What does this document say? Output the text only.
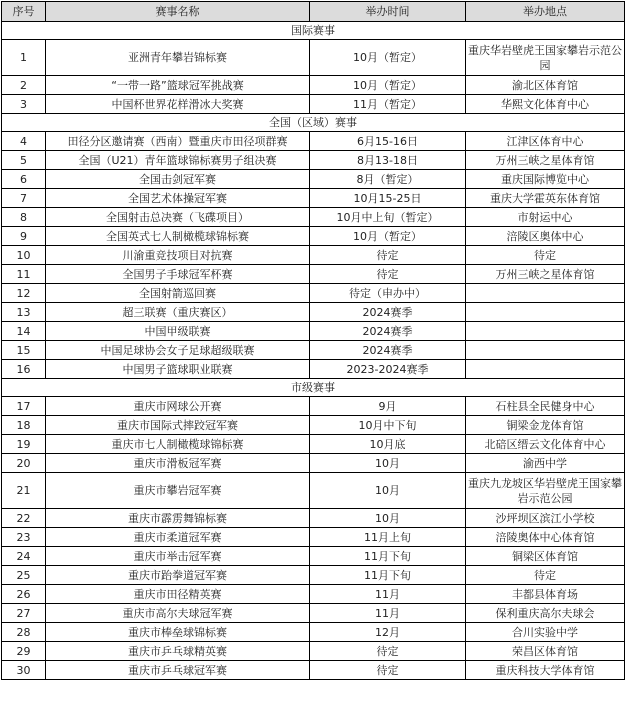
序号	赛事名称	举办时间	举办地点
国际赛事			
1	亚洲青年攀岩锦标赛	10月（暂定）	重庆华岩壁虎王国家攀岩示范公园
2	“一带一路”篮球冠军挑战赛	10月（暂定）	渝北区体育馆
3	中国杯世界花样滑冰大奖赛	11月（暂定）	华熙文化体育中心
全国（区域）赛事			
4	田径分区邀请赛（西南）暨重庆市田径项群赛	6月15-16日	江津区体育中心
5	全国（U21）青年篮球锦标赛男子组决赛	8月13-18日	万州三峡之星体育馆
6	全国击剑冠军赛	8月（暂定）	重庆国际博览中心
7	全国艺术体操冠军赛	10月15-25日	重庆大学霍英东体育馆
8	全国射击总决赛（飞碟项目）	10月中上旬（暂定）	市射运中心
9	全国英式七人制橄榄球锦标赛	10月（暂定）	涪陵区奥体中心
10	川渝重竞技项目对抗赛	待定	待定
11	全国男子手球冠军杯赛	待定	万州三峡之星体育馆
12	全国射箭巡回赛	待定（申办中）	
13	超三联赛（重庆赛区）	2024赛季	
14	中国甲级联赛	2024赛季	
15	中国足球协会女子足球超级联赛	2024赛季	
16	中国男子篮球职业联赛	2023-2024赛季	
市级赛事			
17	重庆市网球公开赛	9月	石柱县全民健身中心
18	重庆市国际式摔跤冠军赛	10月中下旬	铜梁金龙体育馆
19	重庆市七人制橄榄球锦标赛	10月底	北碚区缙云文化体育中心
20	重庆市滑板冠军赛	10月	渝西中学
21	重庆市攀岩冠军赛	10月	重庆九龙坡区华岩壁虎王国家攀岩示范公园
22	重庆市霹雳舞锦标赛	10月	沙坪坝区滨江小学校
23	重庆市柔道冠军赛	11月上旬	涪陵奥体中心体育馆
24	重庆市举击冠军赛	11月下旬	铜梁区体育馆
25	重庆市跆拳道冠军赛	11月下旬	待定
26	重庆市田径精英赛	11月	丰都县体育场
27	重庆市高尔夫球冠军赛	11月	保利重庆高尔夫球会
28	重庆市棒垒球锦标赛	12月	合川实验中学
29	重庆市乒乓球精英赛	待定	荣昌区体育馆
30	重庆市乒乓球冠军赛	待定	重庆科技大学体育馆
